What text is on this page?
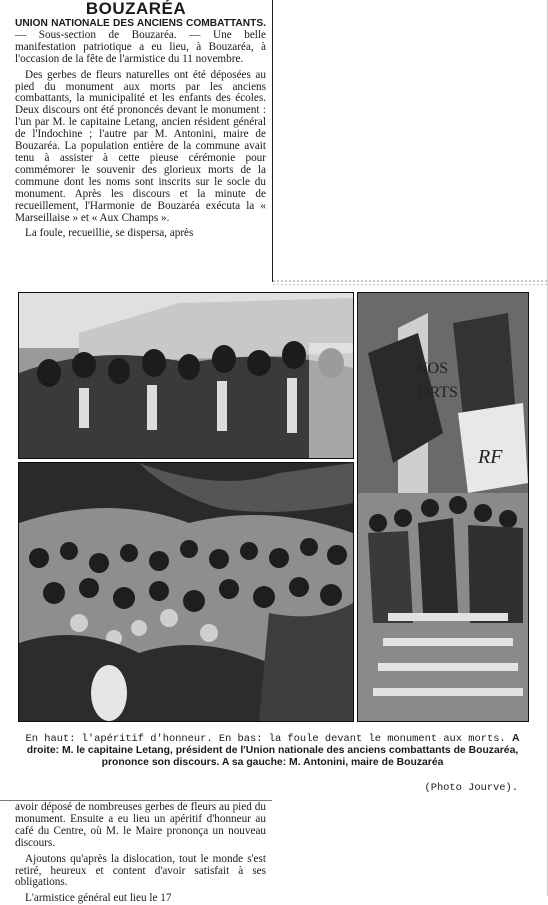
BOUZARÉA

UNION NATIONALE DES ANCIENS COMBATTANTS. — Sous-section de Bouzaréa. — Une belle manifestation patriotique a eu lieu, à Bouzaréa, à l'occasion de la fête de l'armistice du 11 novembre.

Des gerbes de fleurs naturelles ont été déposées au pied du monument aux morts par les anciens combattants, la municipalité et les enfants des écoles. Deux discours ont été prononcés devant le monument : l'un par M. le capitaine Letang, ancien résident général de l'Indochine ; l'autre par M. Antonini, maire de Bouzaréa. La population entière de la commune avait tenu à assister à cette pieuse cérémonie pour commémorer le souvenir des glorieux morts de la commune dont les noms sont inscrits sur le socle du monument. Après les discours et la minute de recueillement, l'Harmonie de Bouzaréa exécuta la « Marseillaise » et « Aux Champs ».

La foule, recueillie, se dispersa, après

NOS
ORTS
RF

En haut: l'apéritif d'honneur. En bas: la foule devant le monument aux morts. A droite: M. le capitaine Letang, président de l'Union nationale des anciens combattants de Bouzaréa, prononce son discours. A sa gauche: M. Antonini, maire de Bouzaréa

(Photo Jourve).

avoir déposé de nombreuses gerbes de fleurs au pied du monument. Ensuite a eu lieu un apéritif d'honneur au café du Centre, où M. le Maire prononça un nouveau discours.

Ajoutons qu'après la dislocation, tout le monde s'est retiré, heureux et content d'avoir satisfait à ses obligations.

L'armistice général eut lieu le 17
